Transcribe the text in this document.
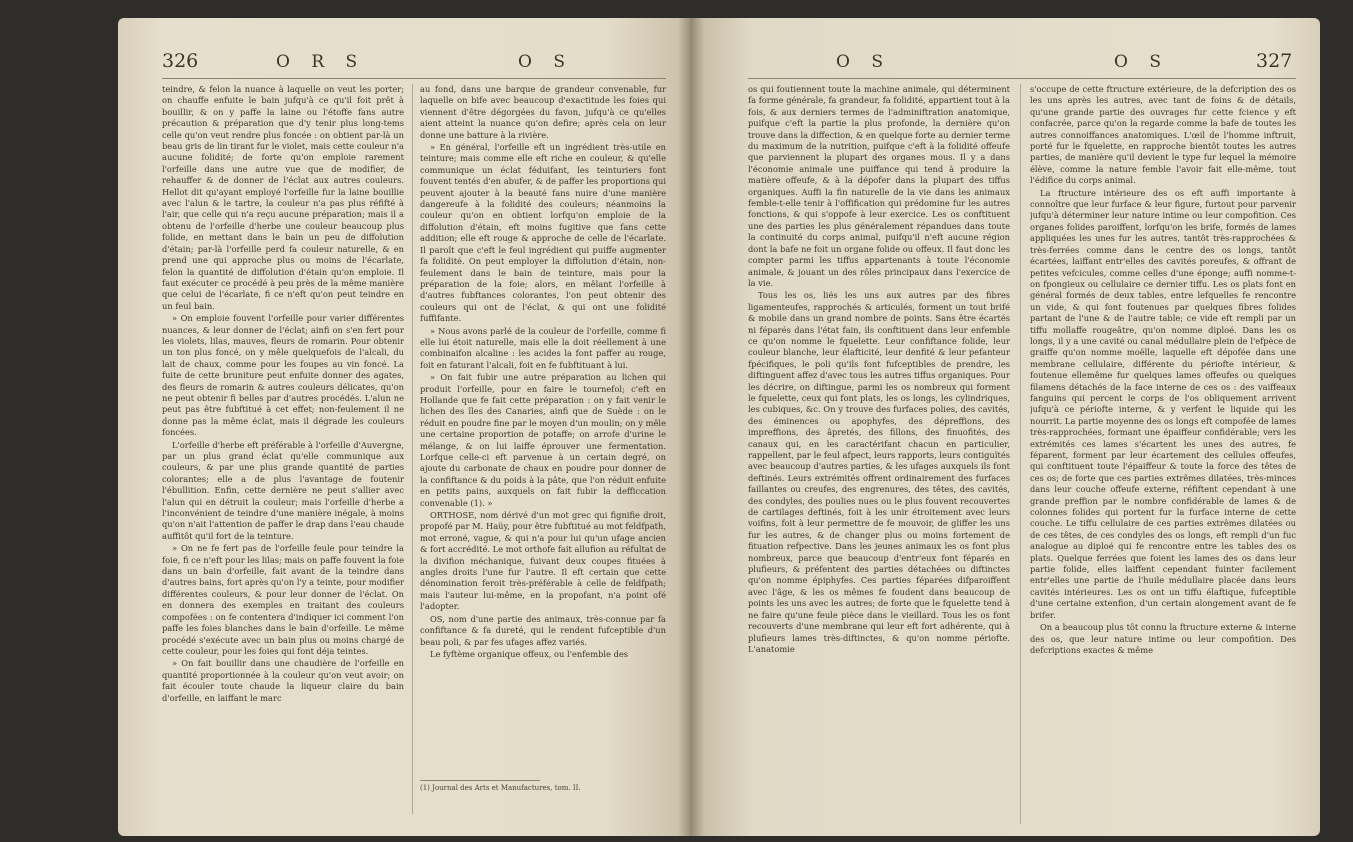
326	O R S	O S

teindre, & felon la nuance à laquelle on veut les porter; on chauffe enfuite le bain jufqu'à ce qu'il foit prêt à bouillir, & on y paffe la laine ou l'étoffe fans autre précaution & préparation que d'y tenir plus long-tems celle qu'on veut rendre plus foncée : on obtient par-là un beau gris de lin tirant fur le violet, mais cette couleur n'a aucune folidité; de forte qu'on emploie rarement l'orfeille dans une autre vue que de modifier, de rehauffer & de donner de l'éclat aux autres couleurs. Hellot dit qu'ayant employé l'orfeille fur la laine bouillie avec l'alun & le tartre, la couleur n'a pas plus réfifté à l'air, que celle qui n'a reçu aucune préparation; mais il a obtenu de l'orfeille d'herbe une couleur beaucoup plus folide, en mettant dans le bain un peu de diffolution d'étain; par-là l'orfeille perd fa couleur naturelle, & en prend une qui approche plus ou moins de l'écarlate, felon la quantité de diffolution d'étain qu'on emploie. Il faut exécuter ce procédé à peu près de la même manière que celui de l'écarlate, fi ce n'eft qu'on peut teindre en un feul bain.

» On emploie fouvent l'orfeille pour varier différentes nuances, & leur donner de l'éclat; ainfi on s'en fert pour les violets, lilas, mauves, fleurs de romarin. Pour obtenir un ton plus foncé, on y mêle quelquefois de l'alcali, du lait de chaux, comme pour les foupes au vin foncé. La fuite de cette bruniture peut enfuite donner des agates, des fleurs de romarin & autres couleurs délicates, qu'on ne peut obtenir fi belles par d'autres procédés. L'alun ne peut pas être fubftitué à cet effet; non-feulement il ne donne pas la même éclat, mais il dégrade les couleurs foncées.

L'orfeille d'herbe eft préférable à l'orfeille d'Auvergne, par un plus grand éclat qu'elle communique aux couleurs, & par une plus grande quantité de parties colorantes; elle a de plus l'avantage de foutenir l'ébullition. Enfin, cette dernière ne peut s'allier avec l'alun qui en détruit la couleur; mais l'orfeille d'herbe a l'inconvénient de teindre d'une manière inégale, à moins qu'on n'ait l'attention de paffer le drap dans l'eau chaude auffitôt qu'il fort de la teinture.

» On ne fe fert pas de l'orfeille feule pour teindre la foie, fi ce n'eft pour les lilas; mais on paffe fouvent la foie dans un bain d'orfeille, fait avant de la teindre dans d'autres bains, fort après qu'on l'y a teinte, pour modifier différentes couleurs, & pour leur donner de l'éclat. On en donnera des exemples en traitant des couleurs compofées : on fe contentera d'indiquer ici comment l'on paffe les foies blanches dans le bain d'orfeille. Le même procédé s'exécute avec un bain plus ou moins chargé de cette couleur, pour les foies qui font déja teintes.

» On fait bouillir dans une chaudière de l'orfeille en quantité proportionnée à la couleur qu'on veut avoir; on fait écouler toute chaude la liqueur claire du bain d'orfeille, en laiffant le marc

au fond, dans une barque de grandeur convenable, fur laquelle on bife avec beaucoup d'exactitude les foies qui viennent d'être dégorgées du favon, jufqu'à ce qu'elles aient atteint la nuance qu'on defire; après cela on leur donne une batture à la rivière.

» En général, l'orfeille eft un ingrédient très-utile en teinture; mais comme elle eft riche en couleur, & qu'elle communique un éclat féduifant, les teinturiers font fouvent tentés d'en abufer, & de paffer les proportions qui peuvent ajouter à la beauté fans nuire d'une manière dangereufe à la folidité des couleurs; néanmoins la couleur qu'on en obtient lorfqu'on emploie de la diffolution d'étain, eft moins fugitive que fans cette addition; elle eft rouge & approche de celle de l'écarlate. Il paroît que c'eft le feul ingrédient qui puiffe augmenter fa folidité. On peut employer la diffolution d'étain, non-feulement dans le bain de teinture, mais pour la préparation de la foie; alors, en mêlant l'orfeille à d'autres fubftances colorantes, l'on peut obtenir des couleurs qui ont de l'éclat, & qui ont une folidité fuffifante.

» Nous avons parlé de la couleur de l'orfeille, comme fi elle lui étoit naturelle, mais elle la doit réellement à une combinaifon alcaline : les acides la font paffer au rouge, foit en faturant l'alcali, foit en fe fubftituant à lui.

» On fait fubir une autre préparation au lichen qui produit l'orfeille, pour en faire le tournefol; c'eft en Hollande que fe fait cette préparation : on y fait venir le lichen des îles des Canaries, ainfi que de Suède : on le réduit en poudre fine par le moyen d'un moulin; on y mêle une certaine proportion de potaffe; on arrofe d'urine le mélange, & on lui laiffe éprouver une fermentation. Lorfque celle-ci eft parvenue à un certain degré, on ajoute du carbonate de chaux en poudre pour donner de la confiftance & du poids à la pâte, que l'on réduit enfuite en petits pains, auxquels on fait fubir la defficcation convenable (1). »

ORTHOSE, nom dérivé d'un mot grec qui fignifie droit, propofé par M. Haüy, pour être fubftitué au mot feldfpath, mot erroné, vague, & qui n'a pour lui qu'un ufage ancien & fort accrédité. Le mot orthofe fait allufion au réfultat de la divifion méchanique, fuivant deux coupes fituées à angles droits l'une fur l'autre. Il eft certain que cette dénomination feroit très-préférable à celle de feldfpath; mais l'auteur lui-même, en la propofant, n'a point ofé l'adopter.

OS, nom d'une partie des animaux, très-connue par fa confiftance & fa dureté, qui le rendent fufceptible d'un beau poli, & par fes ufages affez variés.

Le fyftème organique offeux, ou l'enfemble des

(1) Journal des Arts et Manufactures, tom. II.
O S	O S	327

os qui foutiennent toute la machine animale, qui déterminent fa forme générale, fa grandeur, fa folidité, appartient tout à la fois, & aux derniers termes de l'adminiftration anatomique, puifque c'eft la partie la plus profonde, la dernière qu'on trouve dans la diffection, & en quelque forte au dernier terme du maximum de la nutrition, puifque c'eft à la folidité offeufe que parviennent la plupart des organes mous. Il y a dans l'économie animale une puiffance qui tend à produire la matière offeufe, & à la dépofer dans la plupart des tiffus organiques. Auffi la fin naturelle de la vie dans les animaux femble-t-elle tenir à l'offification qui prédomine fur les autres fonctions, & qui s'oppofe à leur exercice. Les os conftituent une des parties les plus généralement répandues dans toute la continuité du corps animal, puifqu'il n'eft aucune région dont la bafe ne foit un organe folide ou offeux. Il faut donc les compter parmi les tiffus appartenants à toute l'économie animale, & jouant un des rôles principaux dans l'exercice de la vie.

Tous les os, liés les uns aux autres par des fibres ligamenteufes, rapprochés & articulés, forment un tout brifé & mobile dans un grand nombre de points. Sans être écartés ni féparés dans l'état fain, ils conftituent dans leur enfemble ce qu'on nomme le fquelette. Leur confiftance folide, leur couleur blanche, leur élafticité, leur denfité & leur pefanteur fpécifiques, le poli qu'ils font fufceptibles de prendre, les diftinguent affez d'avec tous les autres tiffus organiques. Pour les décrire, on diftingue, parmi les os nombreux qui forment le fquelette, ceux qui font plats, les os longs, les cylindriques, les cubiques, &c. On y trouve des furfaces polies, des cavités, des éminences ou apophyfes, des dépreffions, des impreffions, des âpretés, des fillons, des finuofités, des canaux qui, en les caractérifant chacun en particulier, rappellent, par le feul afpect, leurs rapports, leurs contiguïtés avec beaucoup d'autres parties, & les ufages auxquels ils font deftinés. Leurs extrémités offrent ordinairement des furfaces faillantes ou creufes, des engrenures, des têtes, des cavités, des condyles, des poulies nues ou le plus fouvent recouvertes de cartilages deftinés, foit à les unir étroitement avec leurs voifins, foit à leur permettre de fe mouvoir, de gliffer les uns fur les autres, & de changer plus ou moins fortement de fituation refpective. Dans les jeunes animaux les os font plus nombreux, parce que beaucoup d'entr'eux font féparés en plufieurs, & préfentent des parties détachées ou diftinctes qu'on nomme épiphyfes. Ces parties féparées difparoiffent avec l'âge, & les os mêmes fe foudent dans beaucoup de points les uns avec les autres; de forte que le fquelette tend à ne faire qu'une feule pièce dans le vieillard. Tous les os font recouverts d'une membrane qui leur eft fort adhérente, qui à plufieurs lames très-diftinctes, & qu'on nomme périofte. L'anatomie

s'occupe de cette ftructure extérieure, de la defcription des os les uns après les autres, avec tant de foins & de détails, qu'une grande partie des ouvrages fur cette fcience y eft confacrée, parce qu'on la regarde comme la bafe de toutes les autres connoiffances anatomiques. L'œil de l'homme inftruit, porté fur le fquelette, en rapproche bientôt toutes les autres parties, de manière qu'il devient le type fur lequel la mémoire élève, comme la nature femble l'avoir fait elle-même, tout l'édifice du corps animal.

La ftructure intérieure des os eft auffi importante à connoître que leur furface & leur figure, furtout pour parvenir jufqu'à déterminer leur nature intime ou leur compofition. Ces organes folides paroiffent, lorfqu'on les brife, formés de lames appliquées les unes fur les autres, tantôt très-rapprochées & très-ferrées comme dans le centre des os longs, tantôt écartées, laiffant entr'elles des cavités poreufes, & offrant de petites vefcicules, comme celles d'une éponge; auffi nomme-t-on fpongieux ou cellulaire ce dernier tiffu. Les os plats font en général formés de deux tables, entre lefquelles fe rencontre un vide, & qui font foutenues par quelques fibres folides partant de l'une & de l'autre table; ce vide eft rempli par un tiffu mollaffe rougeâtre, qu'on nomme diploé. Dans les os longs, il y a une cavité ou canal médullaire plein de l'efpèce de graiffe qu'on nomme moëlle, laquelle eft dépofée dans une membrane cellulaire, différente du périofte intérieur, & foutenue ellemême fur quelques lames offeufes ou quelques filamens détachés de la face interne de ces os : des vaiffeaux fanguins qui percent le corps de l'os obliquement arrivent jufqu'à ce périofte interne, & y verfent le liquide qui les nourrit. La partie moyenne des os longs eft compofée de lames très-rapprochées, formant une épaiffeur confidérable; vers les extrémités ces lames s'écartent les unes des autres, fe féparent, forment par leur écartement des cellules offeufes, qui conftituent toute l'épaiffeur & toute la force des têtes de ces os; de forte que ces parties extrêmes dilatées, très-minces dans leur couche offeufe externe, réfiftent cependant à une grande preffion par le nombre confidérable de lames & de colonnes folides qui portent fur la furface interne de cette couche. Le tiffu cellulaire de ces parties extrêmes dilatées ou de ces têtes, de ces condyles des os longs, eft rempli d'un fuc analogue au diploé qui fe rencontre entre les tables des os plats. Quelque ferrées que foient les lames des os dans leur partie folide, elles laiffent cependant fuinter facilement entr'elles une partie de l'huile médullaire placée dans leurs cavités intérieures. Les os ont un tiffu élaftique, fufceptible d'une certaine extenfion, d'un certain alongement avant de fe brifer.

On a beaucoup plus tôt connu la ftructure externe & interne des os, que leur nature intime ou leur compofition. Des defcriptions exactes & même
